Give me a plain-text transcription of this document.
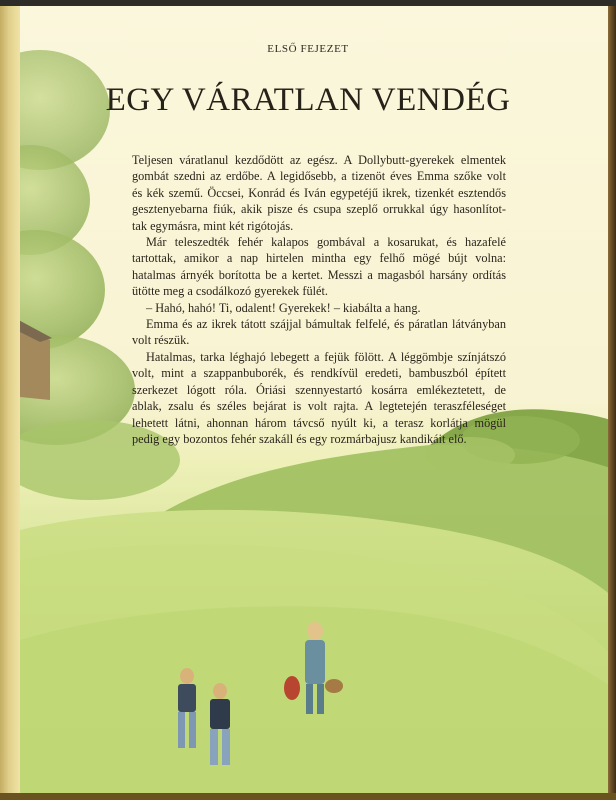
ELSŐ FEJEZET
EGY VÁRATLAN VENDÉG
Teljesen váratlanul kezdődött az egész. A Dollybutt-gyerekek elmentek
gombát szedni az erdőbe. A legidősebb, a tizenöt éves Emma szőke volt
és kék szemű. Öccsei, Konrád és Iván egypetéjű ikrek, tizenkét esztendős
gesztenyebarna fiúk, akik pisze és csupa szeplő orrukkal úgy hasonlítot-
tak egymásra, mint két rigótojás.
Már teleszedték fehér kalapos gombával a kosarukat, és hazafelé
tartottak, amikor a nap hirtelen mintha egy felhő mögé bújt volna:
hatalmas árnyék borította be a kertet. Messzi a magasból harsány ordítás
ütötte meg a csodálkozó gyerekek fülét.
– Hahó, hahó! Ti, odalent! Gyerekek! – kiabálta a hang.
Emma és az ikrek tátott szájjal bámultak felfelé, és páratlan látványban
volt részük.
Hatalmas, tarka léghajó lebegett a fejük fölött. A léggömbje színjátszó
volt, mint a szappanbuborék, és rendkívül eredeti, bambuszból épített
szerkezet lógott róla. Óriási szennyestartó kosárra emlékeztetett, de
ablak, zsalu és széles bejárat is volt rajta. A legtetején teraszféleséget
lehetett látni, ahonnan három távcső nyúlt ki, a terasz korlátja mögül
pedig egy bozontos fehér szakáll és egy rozmárbajusz kandikáit elő.
